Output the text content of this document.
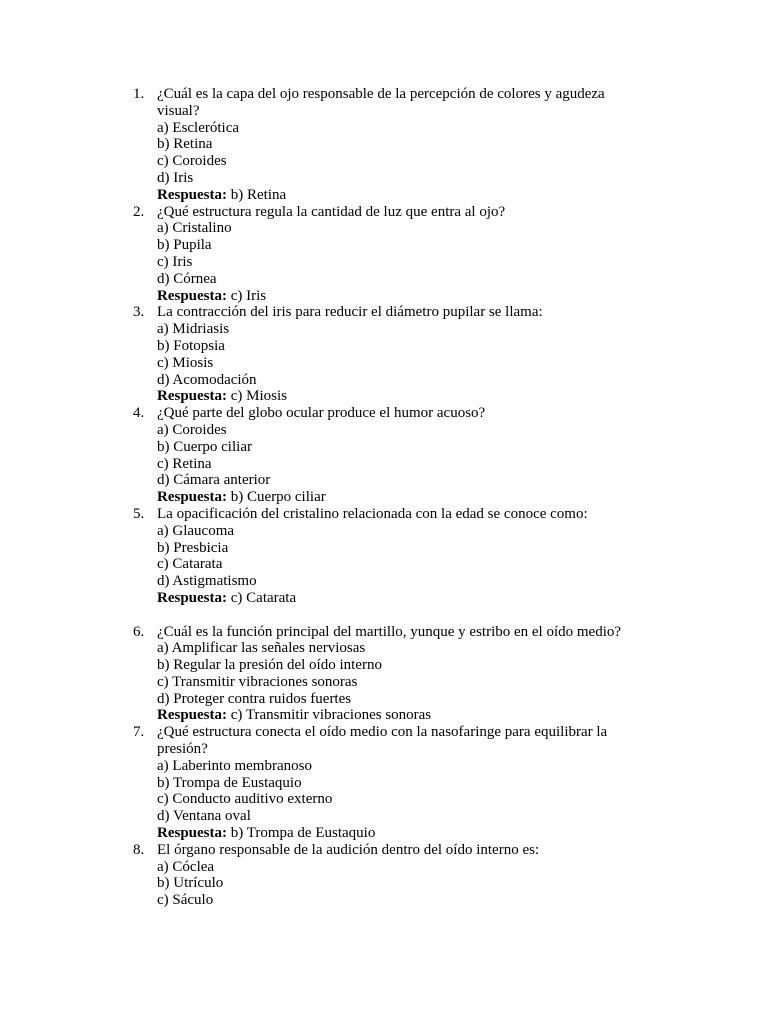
1. ¿Cuál es la capa del ojo responsable de la percepción de colores y agudeza visual?
a) Esclerótica
b) Retina
c) Coroides
d) Iris
Respuesta: b) Retina
2. ¿Qué estructura regula la cantidad de luz que entra al ojo?
a) Cristalino
b) Pupila
c) Iris
d) Córnea
Respuesta: c) Iris
3. La contracción del iris para reducir el diámetro pupilar se llama:
a) Midriasis
b) Fotopsia
c) Miosis
d) Acomodación
Respuesta: c) Miosis
4. ¿Qué parte del globo ocular produce el humor acuoso?
a) Coroides
b) Cuerpo ciliar
c) Retina
d) Cámara anterior
Respuesta: b) Cuerpo ciliar
5. La opacificación del cristalino relacionada con la edad se conoce como:
a) Glaucoma
b) Presbicia
c) Catarata
d) Astigmatismo
Respuesta: c) Catarata
6. ¿Cuál es la función principal del martillo, yunque y estribo en el oído medio?
a) Amplificar las señales nerviosas
b) Regular la presión del oído interno
c) Transmitir vibraciones sonoras
d) Proteger contra ruidos fuertes
Respuesta: c) Transmitir vibraciones sonoras
7. ¿Qué estructura conecta el oído medio con la nasofaringe para equilibrar la presión?
a) Laberinto membranoso
b) Trompa de Eustaquio
c) Conducto auditivo externo
d) Ventana oval
Respuesta: b) Trompa de Eustaquio
8. El órgano responsable de la audición dentro del oído interno es:
a) Cóclea
b) Utrículo
c) Sáculo
